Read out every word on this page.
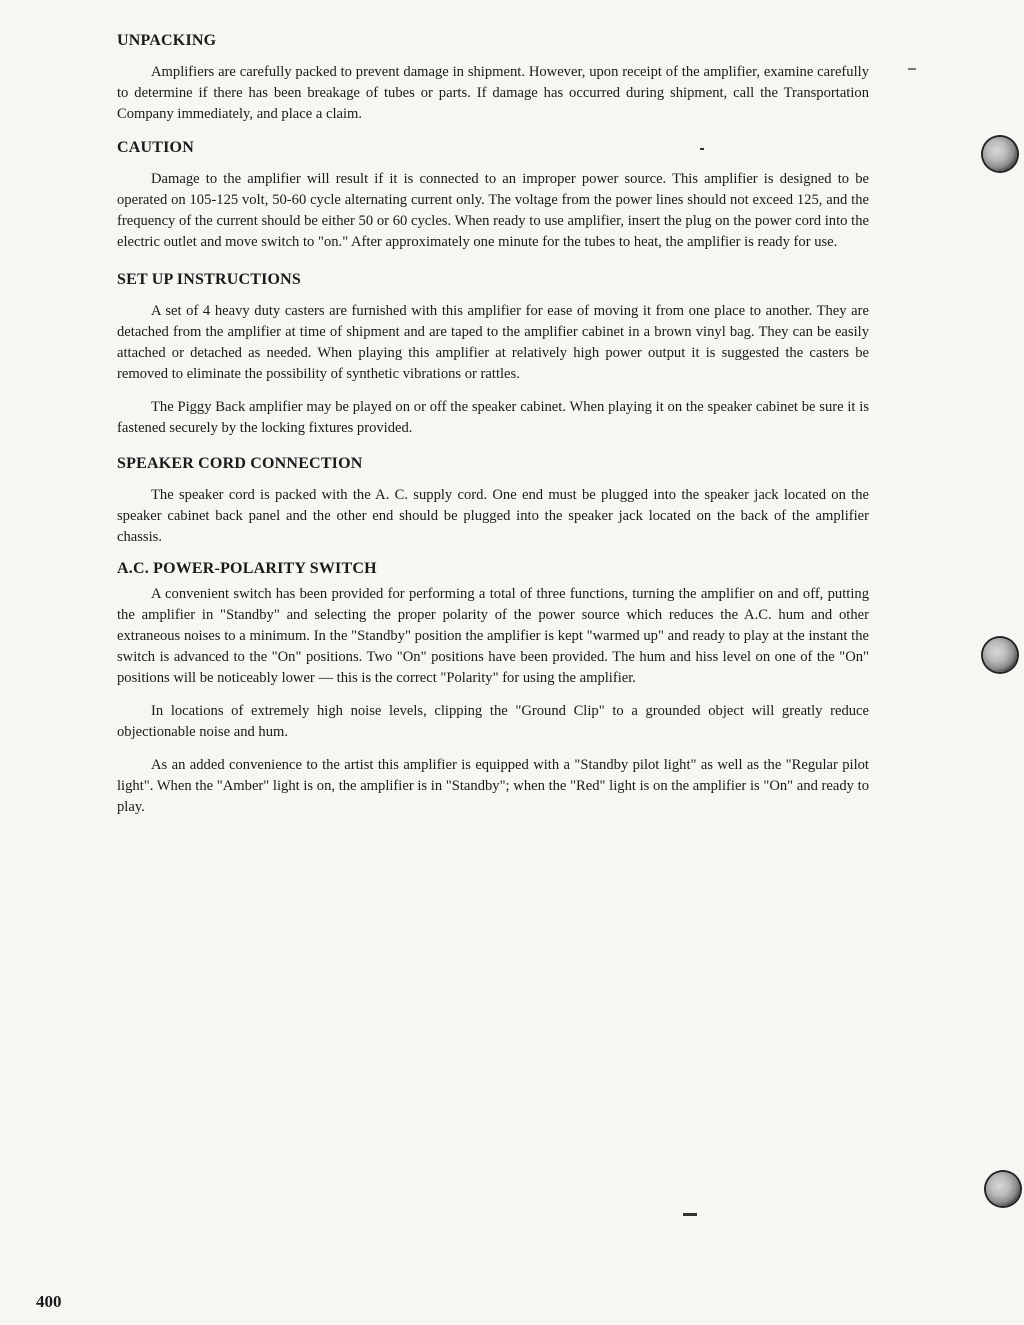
UNPACKING

Amplifiers are carefully packed to prevent damage in shipment. However, upon receipt of the amplifier, examine carefully to determine if there has been breakage of tubes or parts. If damage has occurred during shipment, call the Transportation Company immediately, and place a claim.

CAUTION

Damage to the amplifier will result if it is connected to an improper power source. This amplifier is designed to be operated on 105-125 volt, 50-60 cycle alternating current only. The voltage from the power lines should not exceed 125, and the frequency of the current should be either 50 or 60 cycles. When ready to use amplifier, insert the plug on the power cord into the electric outlet and move switch to "on." After approximately one minute for the tubes to heat, the amplifier is ready for use.

SET UP INSTRUCTIONS

A set of 4 heavy duty casters are furnished with this amplifier for ease of moving it from one place to another. They are detached from the amplifier at time of shipment and are taped to the amplifier cabinet in a brown vinyl bag. They can be easily attached or detached as needed. When playing this amplifier at relatively high power output it is suggested the casters be removed to eliminate the possibility of synthetic vibrations or rattles.

The Piggy Back amplifier may be played on or off the speaker cabinet. When playing it on the speaker cabinet be sure it is fastened securely by the locking fixtures provided.

SPEAKER CORD CONNECTION

The speaker cord is packed with the A. C. supply cord. One end must be plugged into the speaker jack located on the speaker cabinet back panel and the other end should be plugged into the speaker jack located on the back of the amplifier chassis.

A.C. POWER-POLARITY SWITCH

A convenient switch has been provided for performing a total of three functions, turning the amplifier on and off, putting the amplifier in "Standby" and selecting the proper polarity of the power source which reduces the A.C. hum and other extraneous noises to a minimum. In the "Standby" position the amplifier is kept "warmed up" and ready to play at the instant the switch is advanced to the "On" positions. Two "On" positions have been provided. The hum and hiss level on one of the "On" positions will be noticeably lower — this is the correct "Polarity" for using the amplifier.

In locations of extremely high noise levels, clipping the "Ground Clip" to a grounded object will greatly reduce objectionable noise and hum.

As an added convenience to the artist this amplifier is equipped with a "Standby pilot light" as well as the "Regular pilot light". When the "Amber" light is on, the amplifier is in "Standby"; when the "Red" light is on the amplifier is "On" and ready to play.

400
